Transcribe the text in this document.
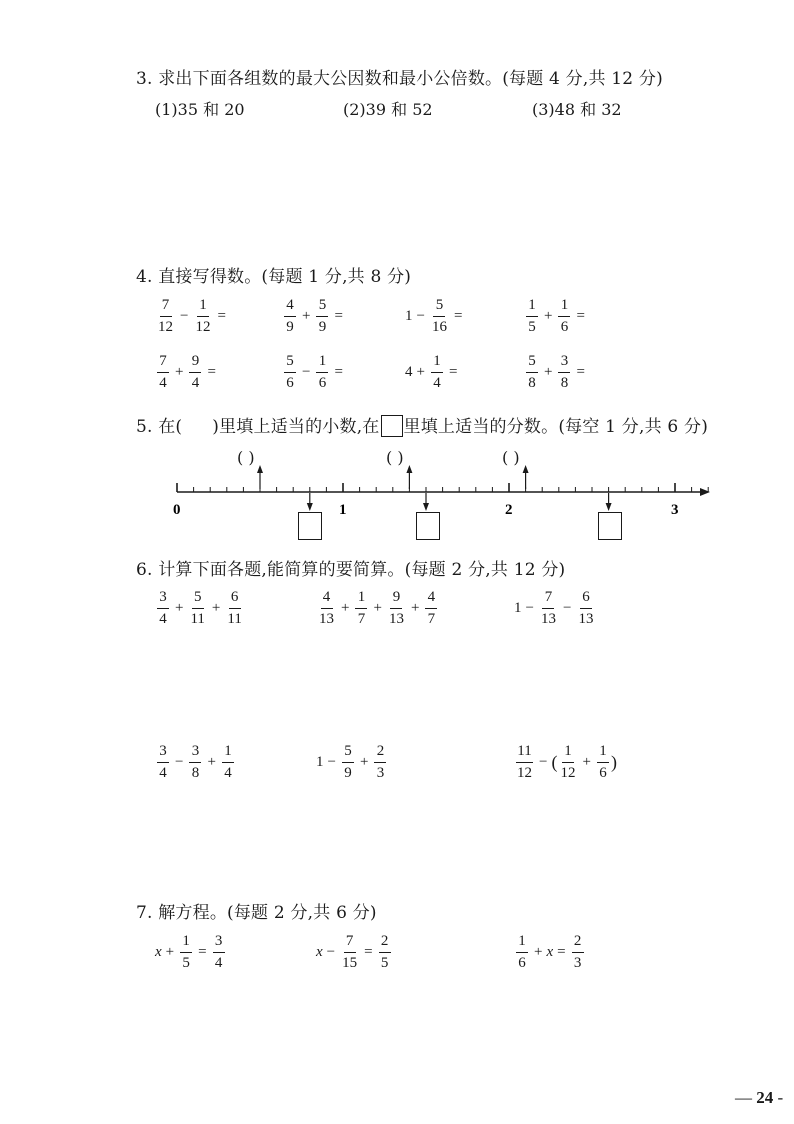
3. 求出下面各组数的最大公因数和最小公倍数。(每题 4 分,共 12 分)
(1)35 和 20	(2)39 和 52	(3)48 和 32
4. 直接写得数。(每题 1 分,共 8 分)
$\frac{7}{12} - \frac{1}{12}$ =	$\frac{4}{9} + \frac{5}{9}$ =	$1 - \frac{5}{16}$ =	$\frac{1}{5} + \frac{1}{6}$ =
$\frac{7}{4} + \frac{9}{4}$ =	$\frac{5}{6} - \frac{1}{6}$ =	$4 + \frac{1}{4}$ =	$\frac{5}{8} + \frac{3}{8}$ =
5. 在( )里填上适当的小数,在 里填上适当的分数。(每空 1 分,共 6 分)
0	1	2	3
( )	( )	( )
6. 计算下面各题,能简算的要简算。(每题 2 分,共 12 分)
$\frac{3}{4} + \frac{5}{11} + \frac{6}{11}$	$\frac{4}{13} + \frac{1}{7} + \frac{9}{13} + \frac{4}{7}$	$1 - \frac{7}{13} - \frac{6}{13}$
$\frac{3}{4} - \frac{3}{8} + \frac{1}{4}$	$1 - \frac{5}{9} + \frac{2}{3}$	$\frac{11}{12}$ − ( $\frac{1}{12} + \frac{1}{6}$ )
7. 解方程。(每题 2 分,共 6 分)
$x + \frac{1}{5} = \frac{3}{4}$	$x - \frac{7}{15} = \frac{2}{5}$	$\frac{1}{6} + x = \frac{2}{3}$
— 24 -
